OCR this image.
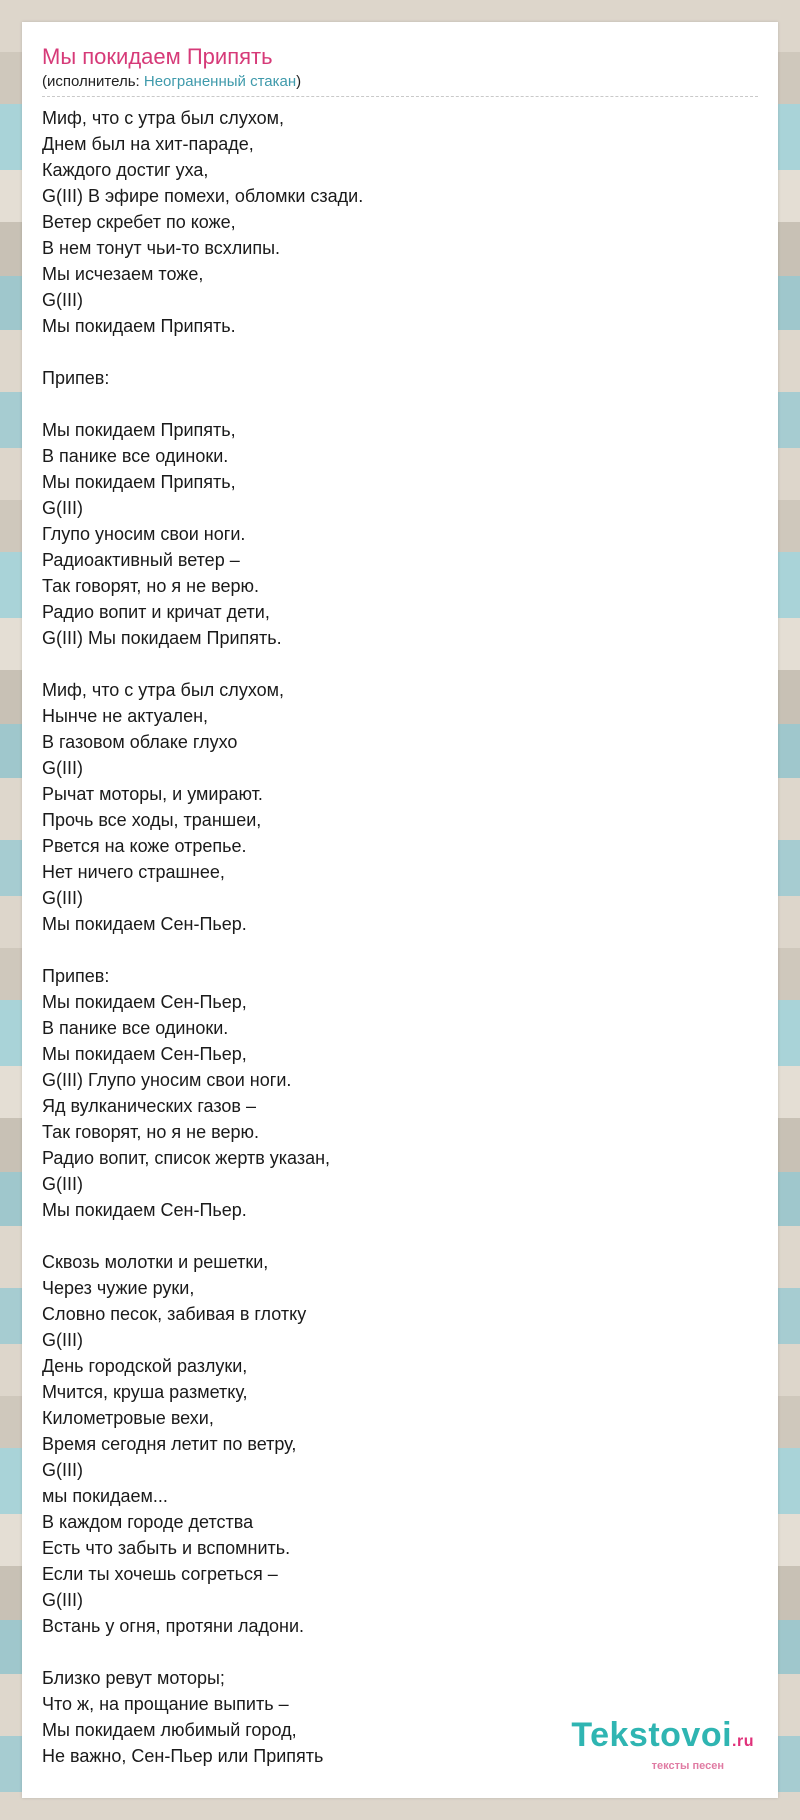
Мы покидаем Припять
(исполнитель: Неограненный стакан)
Миф, что с утра был слухом,
Днем был на хит-параде,
Каждого достиг уха,
G(III) В эфире помехи, обломки сзади.
Ветер скребет по коже,
В нем тонут чьи-то всхлипы.
Мы исчезаем тоже,
G(III)
Мы покидаем Припять.
Припев:
Мы покидаем Припять,
В панике все одиноки.
Мы покидаем Припять,
G(III)
Глупо уносим свои ноги.
Радиоактивный ветер –
Так говорят, но я не верю.
Радио вопит и кричат дети,
G(III) Мы покидаем Припять.
Миф, что с утра был слухом,
Нынче не актуален,
В газовом облаке глухо
G(III)
Рычат моторы, и умирают.
Прочь все ходы, траншеи,
Рвется на коже отрепье.
Нет ничего страшнее,
G(III)
Мы покидаем Сен-Пьер.
Припев:
Мы покидаем Сен-Пьер,
В панике все одиноки.
Мы покидаем Сен-Пьер,
G(III) Глупо уносим свои ноги.
Яд вулканических газов –
Так говорят, но я не верю.
Радио вопит, список жертв указан,
G(III)
Мы покидаем Сен-Пьер.
Сквозь молотки и решетки,
Через чужие руки,
Словно песок, забивая в глотку
G(III)
День городской разлуки,
Мчится, круша разметку,
Километровые вехи,
Время сегодня летит по ветру,
G(III)
мы покидаем...
В каждом городе детства
Есть что забыть и вспомнить.
Если ты хочешь согреться –
G(III)
Встань у огня, протяни ладони.
Близко ревут моторы;
Что ж, на прощание выпить –
Мы покидаем любимый город,
Не важно, Сен-Пьер или Припять
Tekstovoi.ru
тексты песен
